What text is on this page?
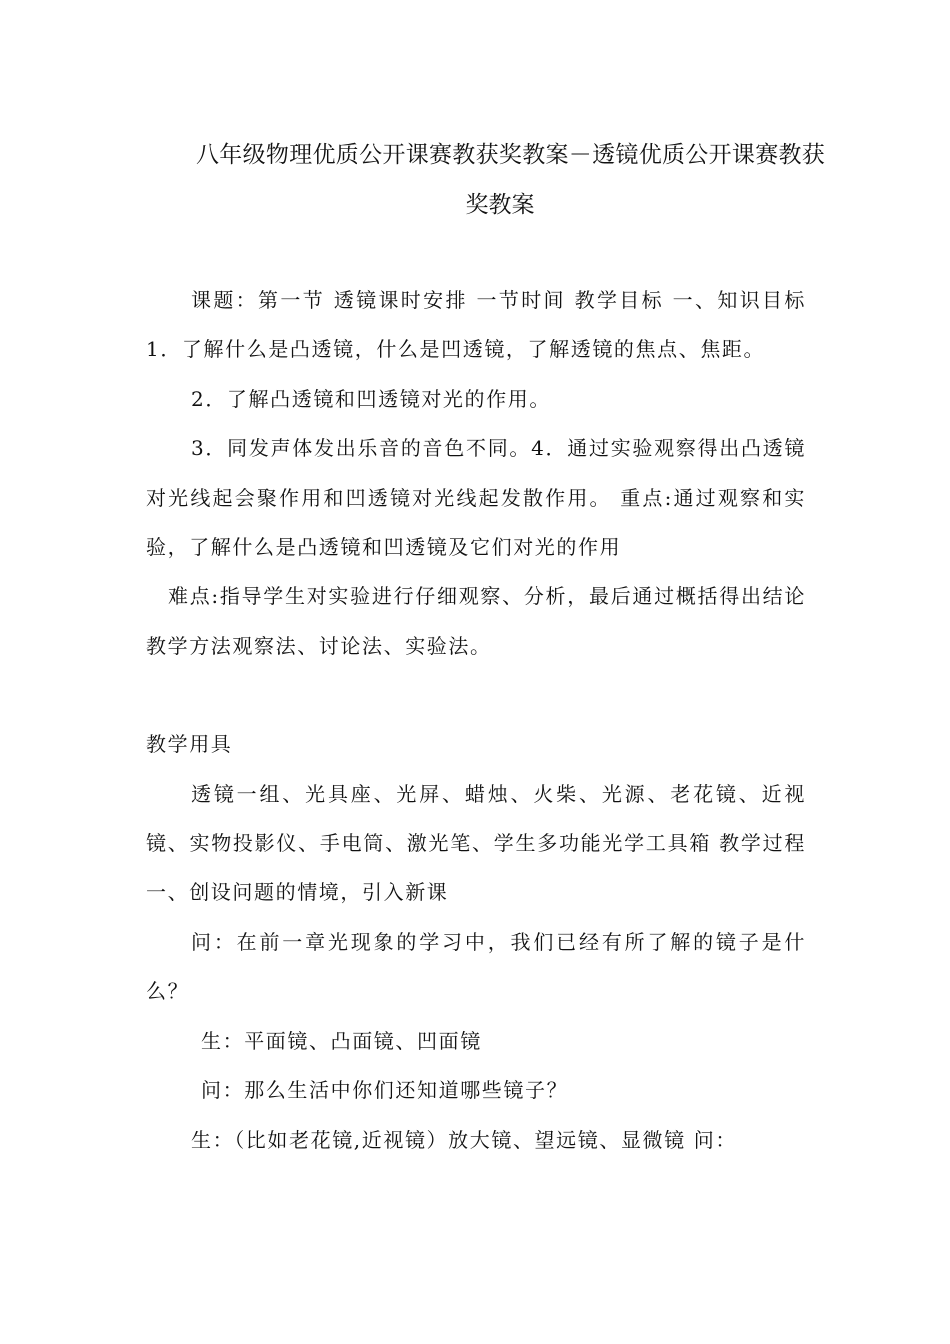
八年级物理优质公开课赛教获奖教案－透镜优质公开课赛教获
奖教案

课题：第一节 透镜课时安排 一节时间 教学目标 一、知识目标1．了解什么是凸透镜，什么是凹透镜，了解透镜的焦点、焦距。

2．了解凸透镜和凹透镜对光的作用。

3．同发声体发出乐音的音色不同。4．通过实验观察得出凸透镜对光线起会聚作用和凹透镜对光线起发散作用。 重点:通过观察和实验，了解什么是凸透镜和凹透镜及它们对光的作用

难点:指导学生对实验进行仔细观察、分析，最后通过概括得出结论 教学方法观察法、讨论法、实验法。

教学用具

透镜一组、光具座、光屏、蜡烛、火柴、光源、老花镜、近视镜、实物投影仪、手电筒、激光笔、学生多功能光学工具箱 教学过程 一、创设问题的情境，引入新课

问：在前一章光现象的学习中，我们已经有所了解的镜子是什么？

生：平面镜、凸面镜、凹面镜

问：那么生活中你们还知道哪些镜子？

生：（比如老花镜,近视镜）放大镜、望远镜、显微镜 问：
